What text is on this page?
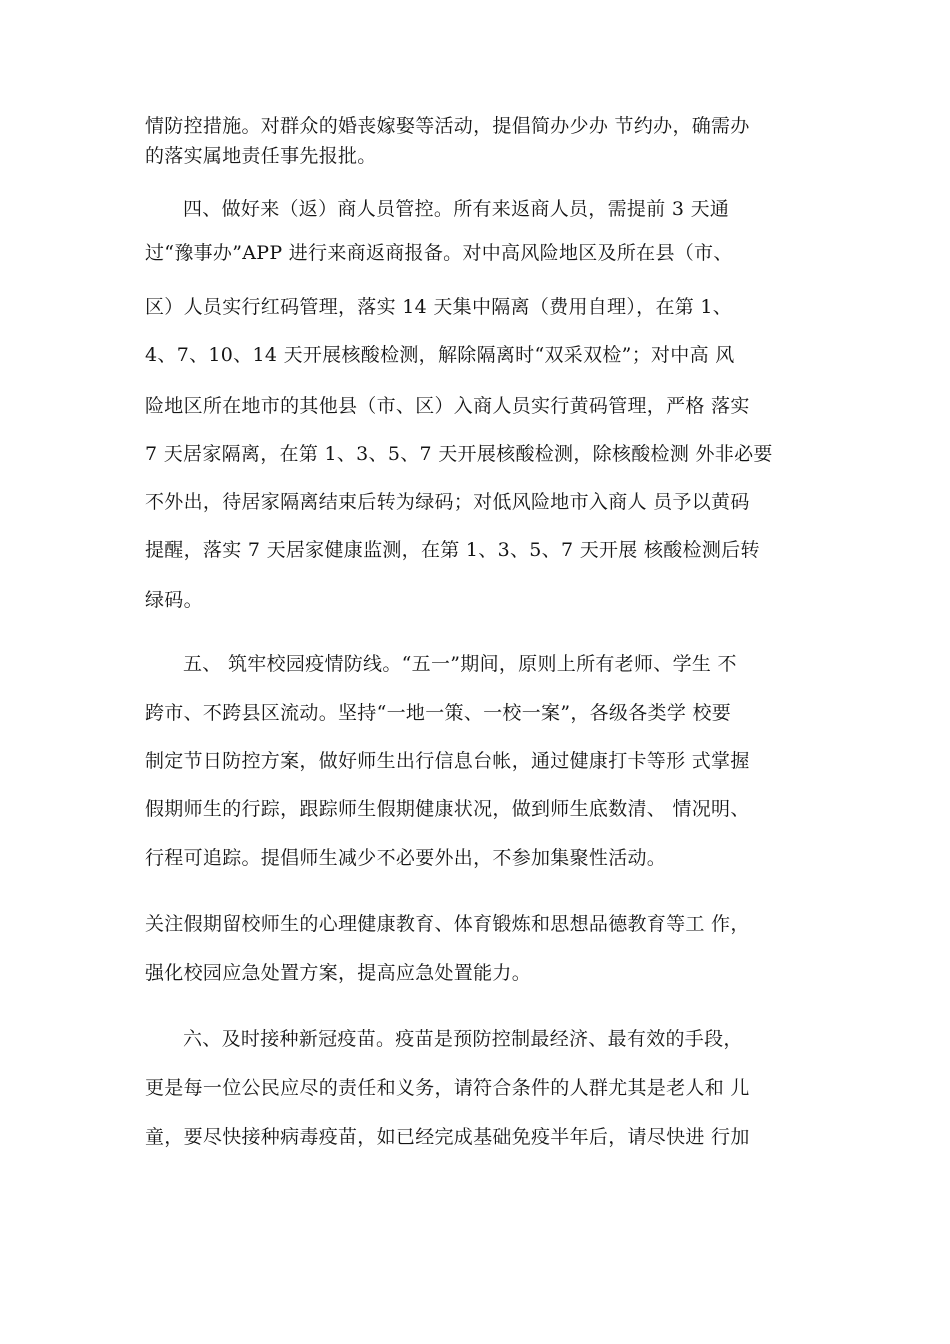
情防控措施。对群众的婚丧嫁娶等活动，提倡简办少办 节约办，确需办
的落实属地责任事先报批。
四、做好来（返）商人员管控。所有来返商人员，需提前 3 天通
过“豫事办”APP 进行来商返商报备。对中高风险地区及所在县（市、
区）人员实行红码管理，落实 14 天集中隔离（费用自理），在第 1、
4、7、10、14 天开展核酸检测，解除隔离时“双采双检”；对中高 风
险地区所在地市的其他县（市、区）入商人员实行黄码管理，严格 落实
7 天居家隔离，在第 1、3、5、7 天开展核酸检测，除核酸检测 外非必要
不外出，待居家隔离结束后转为绿码；对低风险地市入商人 员予以黄码
提醒，落实 7 天居家健康监测，在第 1、3、5、7 天开展 核酸检测后转
绿码。
五、 筑牢校园疫情防线。“五一”期间，原则上所有老师、学生 不
跨市、不跨县区流动。坚持“一地一策、一校一案”，各级各类学 校要
制定节日防控方案，做好师生出行信息台帐，通过健康打卡等形 式掌握
假期师生的行踪，跟踪师生假期健康状况，做到师生底数清、 情况明、
行程可追踪。提倡师生减少不必要外出，不参加集聚性活动。
关注假期留校师生的心理健康教育、体育锻炼和思想品德教育等工 作，
强化校园应急处置方案，提高应急处置能力。
六、及时接种新冠疫苗。疫苗是预防控制最经济、最有效的手段，
更是每一位公民应尽的责任和义务，请符合条件的人群尤其是老人和 儿
童，要尽快接种病毒疫苗，如已经完成基础免疫半年后，请尽快进 行加
